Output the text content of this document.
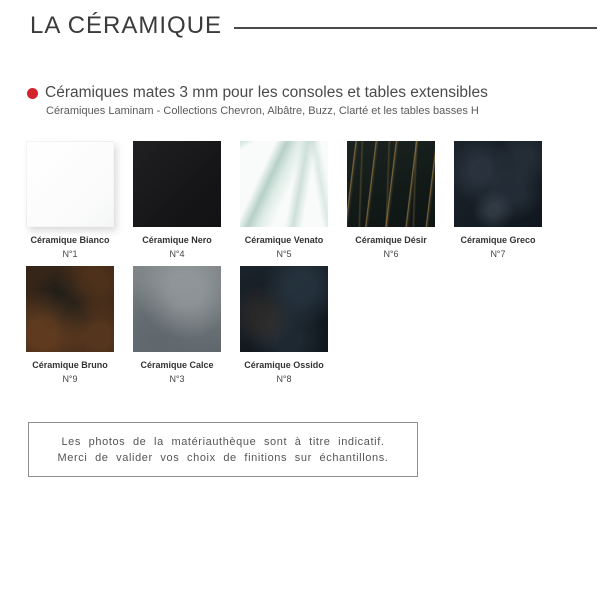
LA CÉRAMIQUE
Céramiques mates 3 mm pour les consoles et tables extensibles
Céramiques Laminam - Collections Chevron, Albâtre, Buzz, Clarté et les tables basses H
Céramique Bianco
N°1
Céramique Nero
N°4
Céramique Venato
N°5
Céramique Désir
N°6
Céramique Greco
N°7
Céramique Bruno
N°9
Céramique Calce
N°3
Céramique Ossido
N°8
Les photos de la matériauthèque sont à titre indicatif.
Merci de valider vos choix de finitions sur échantillons.
